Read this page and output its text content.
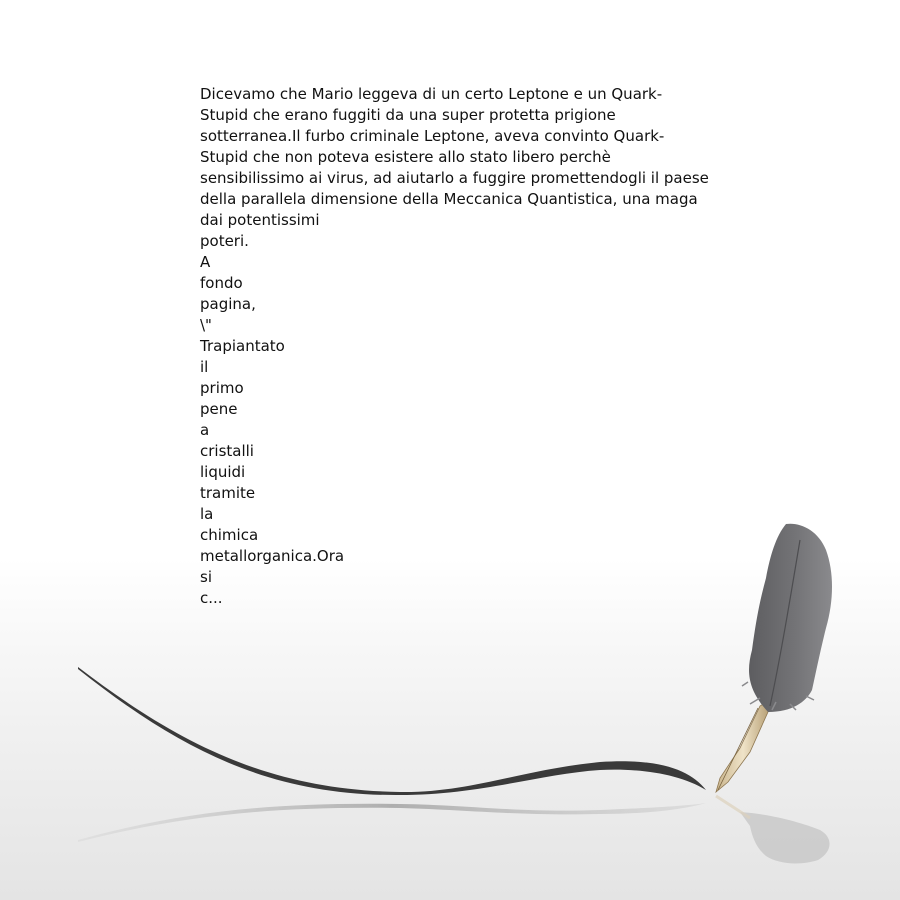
Dicevamo che Mario leggeva di un certo Leptone e un Quark-Stupid che erano fuggiti da una super protetta prigione sotterranea.Il furbo criminale Leptone, aveva convinto Quark-Stupid che non poteva esistere allo stato libero perchè sensibilissimo ai virus, ad aiutarlo a fuggire promettendogli il paese della parallela dimensione della Meccanica Quantistica, una maga dai potentissimi

poteri.
A
fondo
pagina,
\"
Trapiantato
il
primo
pene
a
cristalli
liquidi
tramite
la
chimica
metallorganica.Ora
si
c...
